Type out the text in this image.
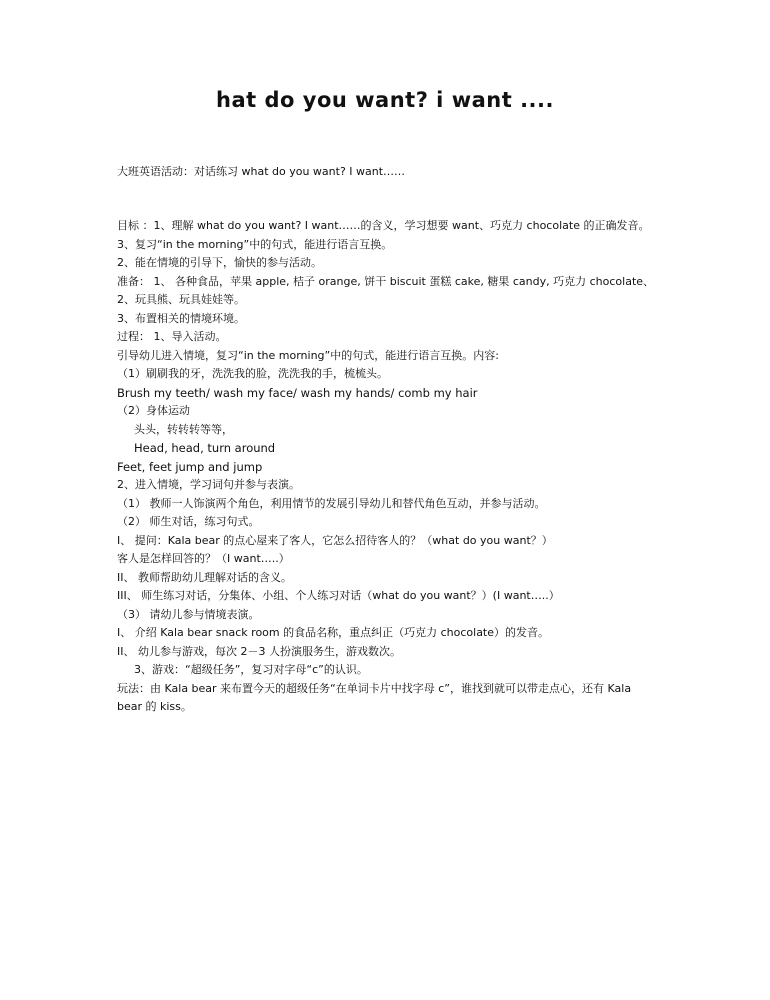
hat do you want? i want ....
大班英语活动：对话练习 what do you want? I want……

目标 ：1、理解 what do you want? I want……的含义，学习想要 want、巧克力 chocolate 的正确发音。

3、复习“in the morning”中的句式，能进行语言互换。

2、能在情境的引导下，愉快的参与活动。

准备： 1、 各种食品，苹果 apple, 桔子 orange, 饼干 biscuit 蛋糕 cake, 糖果 candy, 巧克力 chocolate、

2、玩具熊、玩具娃娃等。

3、布置相关的情境环境。

过程： 1、导入活动。

引导幼儿进入情境，复习“in the morning”中的句式，能进行语言互换。内容:

（1）刷刷我的牙，洗洗我的脸，洗洗我的手，梳梳头。

Brush my teeth/ wash my face/ wash my hands/ comb my hair

（2）身体运动

头头，转转转等等，

Head, head, turn around

Feet, feet jump and jump

2、进入情境，学习词句并参与表演。

（1） 教师一人饰演两个角色，利用情节的发展引导幼儿和替代角色互动，并参与活动。

（2） 师生对话，练习句式。

I、 提问：Kala bear 的点心屋来了客人，它怎么招待客人的？（what do you want？）

客人是怎样回答的？（I want…..）

II、 教师帮助幼儿理解对话的含义。

III、 师生练习对话，分集体、小组、个人练习对话（what do you want？）(I want…..）

（3） 请幼儿参与情境表演。

I、 介绍 Kala bear snack room 的食品名称，重点纠正（巧克力 chocolate）的发音。

II、 幼儿参与游戏，每次 2－3 人扮演服务生，游戏数次。

3、游戏：“超级任务”，复习对字母“c”的认识。

玩法：由 Kala bear 来布置今天的超级任务“在单词卡片中找字母 c”，谁找到就可以带走点心，还有 Kala bear 的 kiss。
